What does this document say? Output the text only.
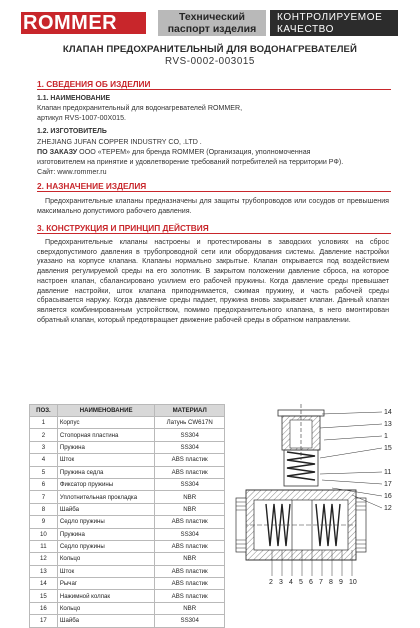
ROMMER	Технический
паспорт изделия
КОНТРОЛИРУЕМОЕ
КАЧЕСТВО
КЛАПАН ПРЕДОХРАНИТЕЛЬНЫЙ ДЛЯ ВОДОНАГРЕВАТЕЛЕЙ
RVS-0002-003015
1. СВЕДЕНИЯ ОБ ИЗДЕЛИИ
1.1. НАИМЕНОВАНИЕ
Клапан предохранительный для водонагревателей ROMMER,
артикул RVS-1007-00X015.
1.2. ИЗГОТОВИТЕЛЬ
ZHEJIANG JUFAN COPPER INDUSTRY CO, .LTD .
ПО ЗАКАЗУ ООО «ТЕРЕМ» для бренда ROMMER (Организация, уполномоченная
изготовителем на принятие и удовлетворение требований потребителей на территории РФ).
Сайт: www.rommer.ru
2. НАЗНАЧЕНИЕ ИЗДЕЛИЯ
Предохранительные клапаны предназначены для защиты трубопроводов или сосудов от превышения максимально допустимого рабочего давления.
3. КОНСТРУКЦИЯ И ПРИНЦИП ДЕЙСТВИЯ
Предохранительные клапаны настроены и протестированы в заводских условиях на сброс сверхдопустимого давления в трубопроводной сети или оборудования системы. Давление настройки указано на корпусе клапана. Клапаны нормально закрытые. Клапан открывается под воздействием давления регулируемой среды на его золотник. В закрытом положении давление сброса, на которое настроен клапан, сбалансировано усилием его рабочей пружины. Когда давление среды превышает давление настройки, шток клапана приподнимается, сжимая пружину, и часть рабочей среды сбрасывается наружу. Когда давление среды падает, пружина вновь закрывает клапан. Данный клапан является комбинированным устройством, помимо предохранительного клапана, в него вмонтирован обратный клапан, который предотвращает движение рабочей среды в обратном направлении.
ПОЗ.	НАИМЕНОВАНИЕ	МАТЕРИАЛ
1	Корпус	Латунь CW617N
2	Стопорная пластина	SS304
3	Пружина	SS304
4	Шток	ABS пластик
5	Пружина седла	ABS пластик
6	Фиксатор пружины	SS304
7	Уплотнительная прокладка	NBR
8	Шайба	NBR
9	Седло пружины	ABS пластик
10	Пружина	SS304
11	Седло пружины	ABS пластик
12	Кольцо	NBR
13	Шток	ABS пластик
14	Рычаг	ABS пластик
15	Нажимной колпак	ABS пластик
16	Кольцо	NBR
17	Шайба	SS304
14
13
1
15
11
17
16
12
2 3 4 5 6 7 8 9 10
